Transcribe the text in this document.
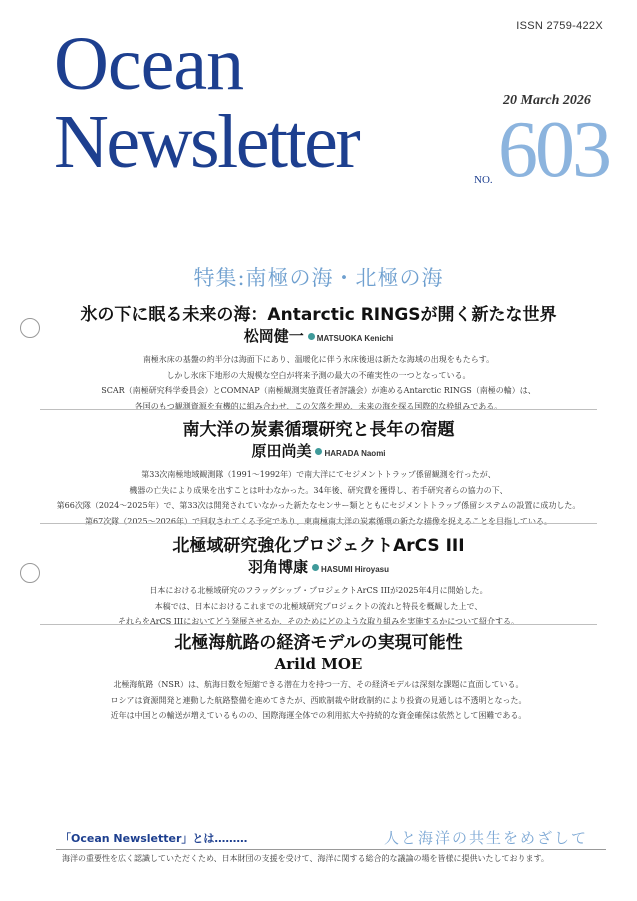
ISSN 2759-422X
Ocean
Newsletter	20 March 2026
NO. 603
特集:南極の海・北極の海
氷の下に眠る未来の海：Antarctic RINGSが開く新たな世界
松岡健一 MATSUOKA Kenichi
南極氷床の基盤の約半分は海面下にあり、温暖化に伴う氷床後退は新たな海域の出現をもたらす。
しかし氷床下地形の大規模な空白が将来予測の最大の不確実性の一つとなっている。
SCAR（南極研究科学委員会）とCOMNAP（南極観測実施責任者評議会）が進めるAntarctic RINGS（南極の輪）は、
各国のもつ観測資源を有機的に組み合わせ、この欠落を埋め、未来の海を探る国際的な枠組みである。
南大洋の炭素循環研究と長年の宿題
原田尚美 HARADA Naomi
第33次南極地域観測隊（1991～1992年）で南大洋にてセジメントトラップ係留観測を行ったが、
機器の亡失により成果を出すことは叶わなかった。34年後、研究費を獲得し、若手研究者らの協力の下、
第66次隊（2024～2025年）で、第33次は開発されていなかった新たなセンサー類とともにセジメントトラップ係留システムの設置に成功した。
第67次隊（2025～2026年）で回収されてくる予定であり、東南極南大洋の炭素循環の新たな描像を捉えることを目指している。
北極域研究強化プロジェクトArCS III
羽角博康 HASUMI Hiroyasu
日本における北極域研究のフラッグシップ・プロジェクトArCS IIIが2025年4月に開始した。
本稿では、日本におけるこれまでの北極域研究プロジェクトの流れと特長を概観した上で、
それらをArCS IIIにおいてどう発展させるか、そのためにどのような取り組みを実施するかについて紹介する。
北極海航路の経済モデルの実現可能性
Arild MOE
北極海航路（NSR）は、航海日数を短縮できる潜在力を持つ一方、その経済モデルは深刻な課題に直面している。
ロシアは資源開発と連動した航路整備を進めてきたが、西欧制裁や財政制約により投資の見通しは不透明となった。
近年は中国との輸送が増えているものの、国際海運全体での利用拡大や持続的な資金確保は依然として困難である。
「Ocean Newsletter」とは………	人と海洋の共生をめざして
海洋の重要性を広く認識していただくため、日本財団の支援を受けて、海洋に関する総合的な議論の場を皆様に提供いたしております。
